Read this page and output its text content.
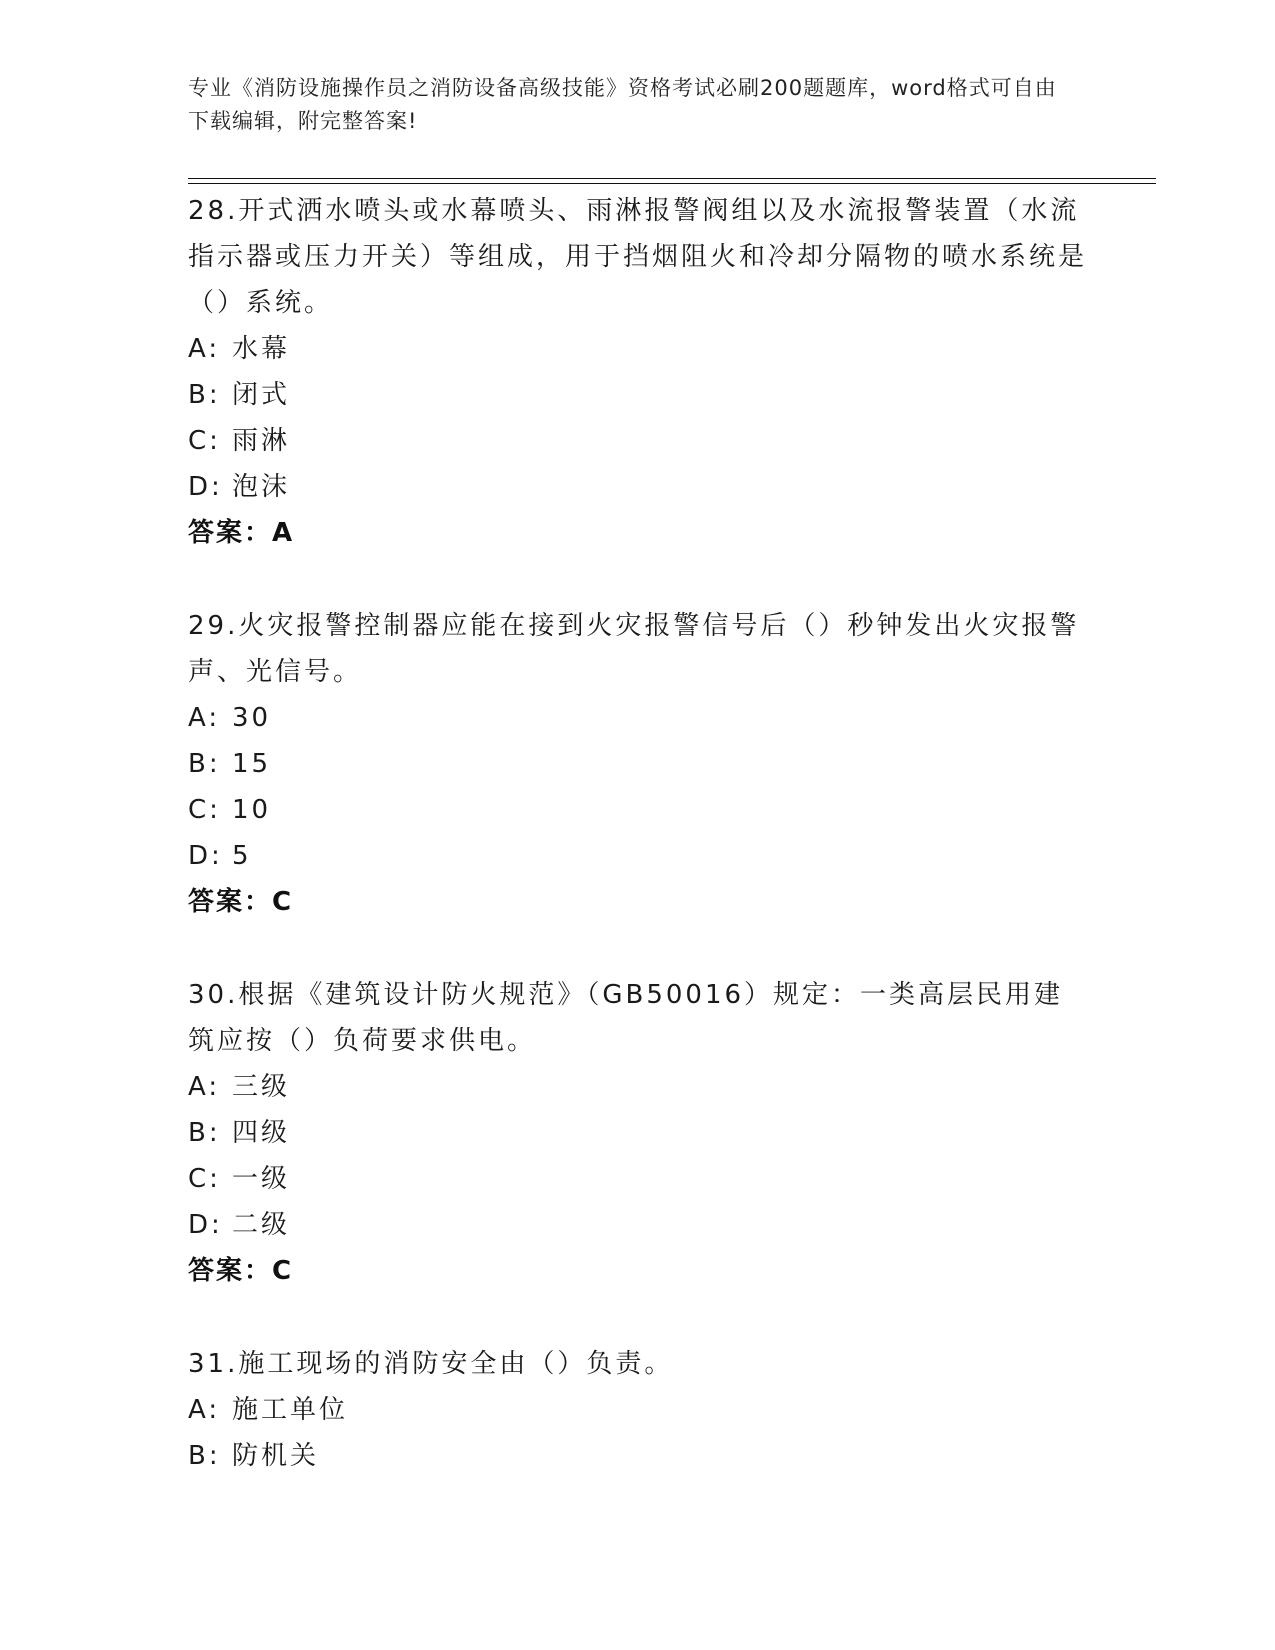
专业《消防设施操作员之消防设备高级技能》资格考试必刷200题题库，word格式可自由下载编辑，附完整答案!
28.开式洒水喷头或水幕喷头、雨淋报警阀组以及水流报警装置（水流指示器或压力开关）等组成，用于挡烟阻火和冷却分隔物的喷水系统是（）系统。
A: 水幕
B: 闭式
C: 雨淋
D: 泡沫
答案：A
29.火灾报警控制器应能在接到火灾报警信号后（）秒钟发出火灾报警声、光信号。
A: 30
B: 15
C: 10
D: 5
答案：C
30.根据《建筑设计防火规范》（GB50016）规定：一类高层民用建筑应按（）负荷要求供电。
A: 三级
B: 四级
C: 一级
D: 二级
答案：C
31.施工现场的消防安全由（）负责。
A: 施工单位
B: 防机关
